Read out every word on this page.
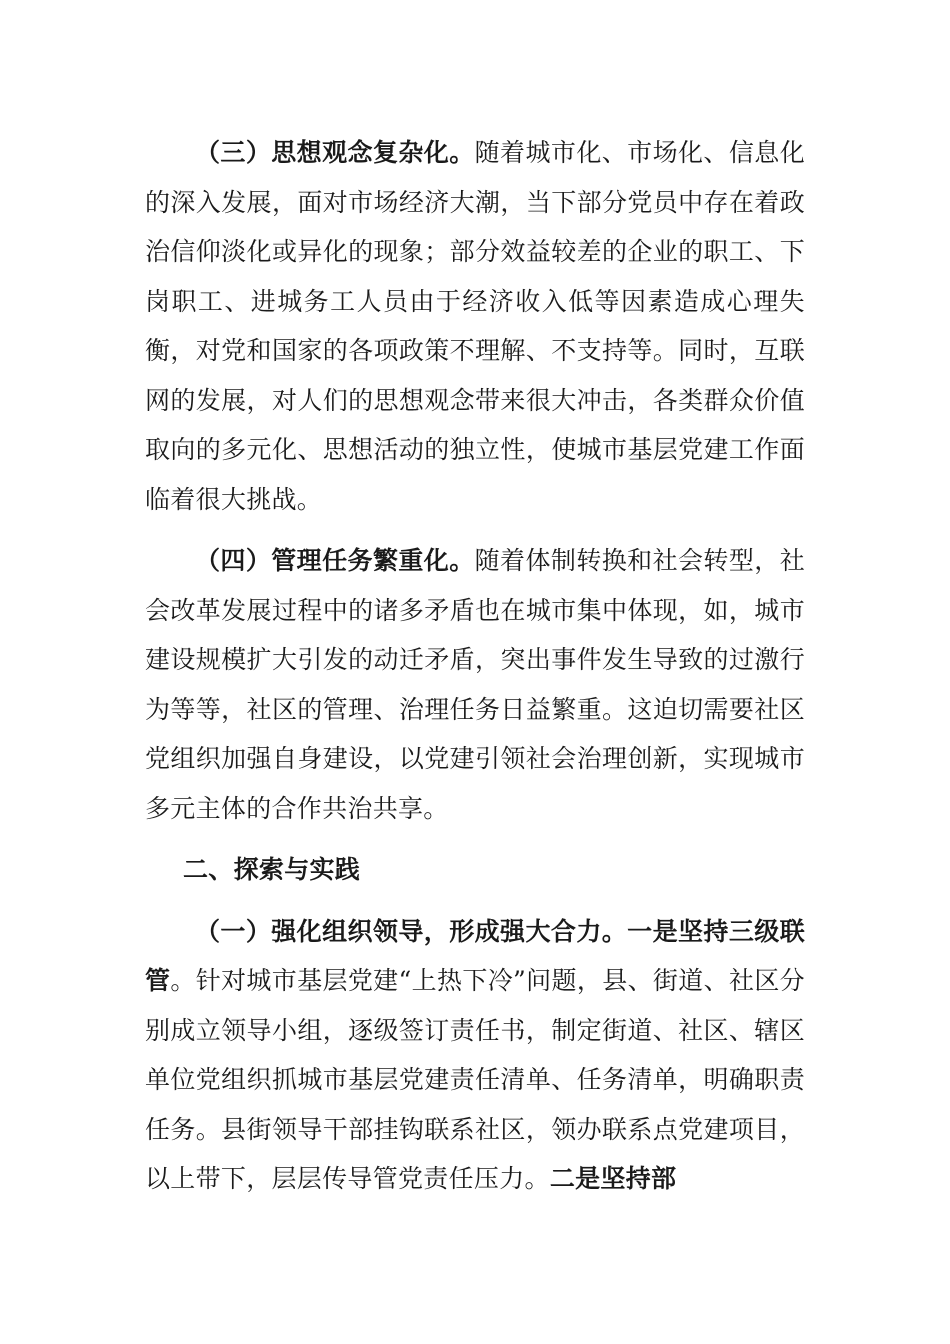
（三）思想观念复杂化。随着城市化、市场化、信息化的深入发展，面对市场经济大潮，当下部分党员中存在着政治信仰淡化或异化的现象；部分效益较差的企业的职工、下岗职工、进城务工人员由于经济收入低等因素造成心理失衡，对党和国家的各项政策不理解、不支持等。同时，互联网的发展，对人们的思想观念带来很大冲击，各类群众价值取向的多元化、思想活动的独立性，使城市基层党建工作面临着很大挑战。

（四）管理任务繁重化。随着体制转换和社会转型，社会改革发展过程中的诸多矛盾也在城市集中体现，如，城市建设规模扩大引发的动迁矛盾，突出事件发生导致的过激行为等等，社区的管理、治理任务日益繁重。这迫切需要社区党组织加强自身建设，以党建引领社会治理创新，实现城市多元主体的合作共治共享。

二、探索与实践

（一）强化组织领导，形成强大合力。一是坚持三级联管。针对城市基层党建“上热下冷”问题，县、街道、社区分别成立领导小组，逐级签订责任书，制定街道、社区、辖区单位党组织抓城市基层党建责任清单、任务清单，明确职责任务。县街领导干部挂钩联系社区，领办联系点党建项目，以上带下，层层传导管党责任压力。二是坚持部
